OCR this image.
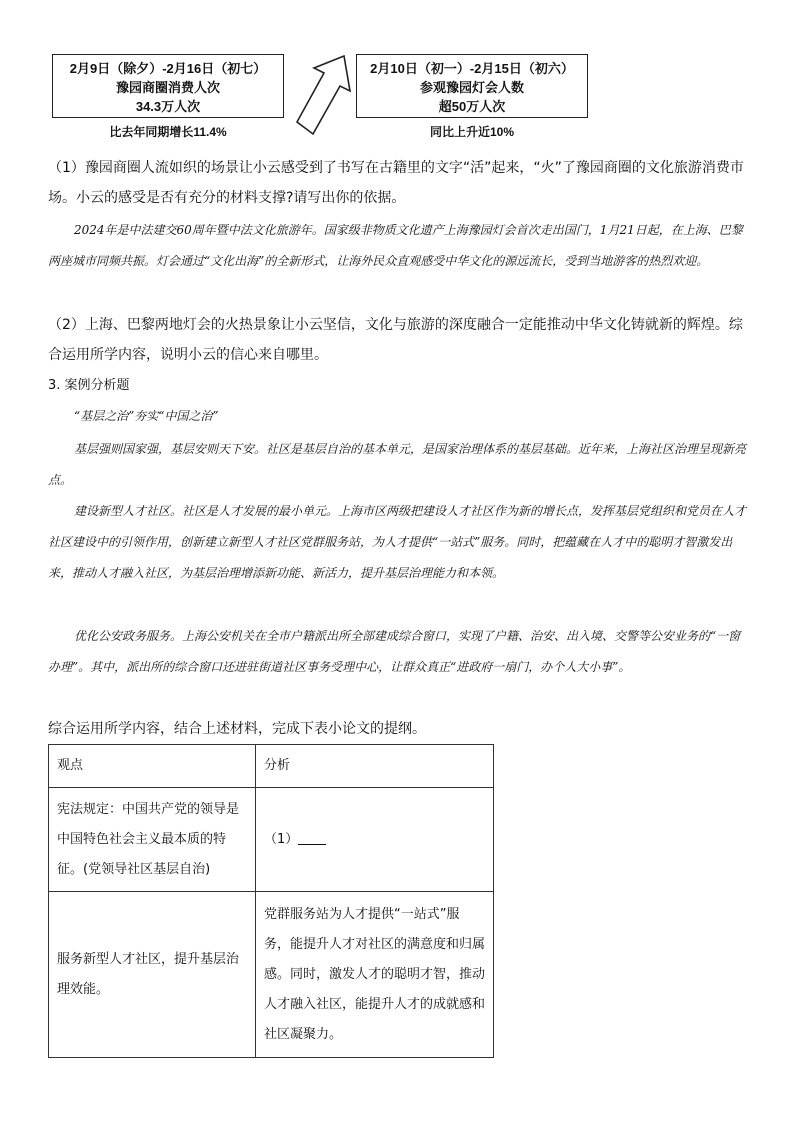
2月9日（除夕）-2月16日（初七）
豫园商圈消费人次
34.3万人次
比去年同期增长11.4%
2月10日（初一）-2月15日（初六）
参观豫园灯会人数
超50万人次
同比上升近10%

（1）豫园商圈人流如织的场景让小云感受到了书写在古籍里的文字“活”起来，“火”了豫园商圈的文化旅游消费市场。小云的感受是否有充分的材料支撑?请写出你的依据。

2024年是中法建交60周年暨中法文化旅游年。国家级非物质文化遗产上海豫园灯会首次走出国门，1月21日起，在上海、巴黎两座城市同频共振。灯会通过“文化出海”的全新形式，让海外民众直观感受中华文化的源远流长，受到当地游客的热烈欢迎。

（2）上海、巴黎两地灯会的火热景象让小云坚信，文化与旅游的深度融合一定能推动中华文化铸就新的辉煌。综合运用所学内容，说明小云的信心来自哪里。

3. 案例分析题
“基层之治”夯实“中国之治”

基层强则国家强，基层安则天下安。社区是基层自治的基本单元，是国家治理体系的基层基础。近年来，上海社区治理呈现新亮点。

建设新型人才社区。社区是人才发展的最小单元。上海市区两级把建设人才社区作为新的增长点，发挥基层党组织和党员在人才社区建设中的引领作用，创新建立新型人才社区党群服务站，为人才提供“一站式”服务。同时，把蕴藏在人才中的聪明才智激发出来，推动人才融入社区，为基层治理增添新功能、新活力，提升基层治理能力和本领。

优化公安政务服务。上海公安机关在全市户籍派出所全部建成综合窗口，实现了户籍、治安、出入境、交警等公安业务的“一窗办理”。其中，派出所的综合窗口还进驻街道社区事务受理中心，让群众真正“进政府一扇门，办个人大小事”。

综合运用所学内容，结合上述材料，完成下表小论文的提纲。
观点	分析
宪法规定：中国共产党的领导是中国特色社会主义最本质的特征。(党领导社区基层自治)	（1）
服务新型人才社区，提升基层治理效能。	党群服务站为人才提供“一站式”服务，能提升人才对社区的满意度和归属感。同时，激发人才的聪明才智，推动人才融入社区，能提升人才的成就感和社区凝聚力。
